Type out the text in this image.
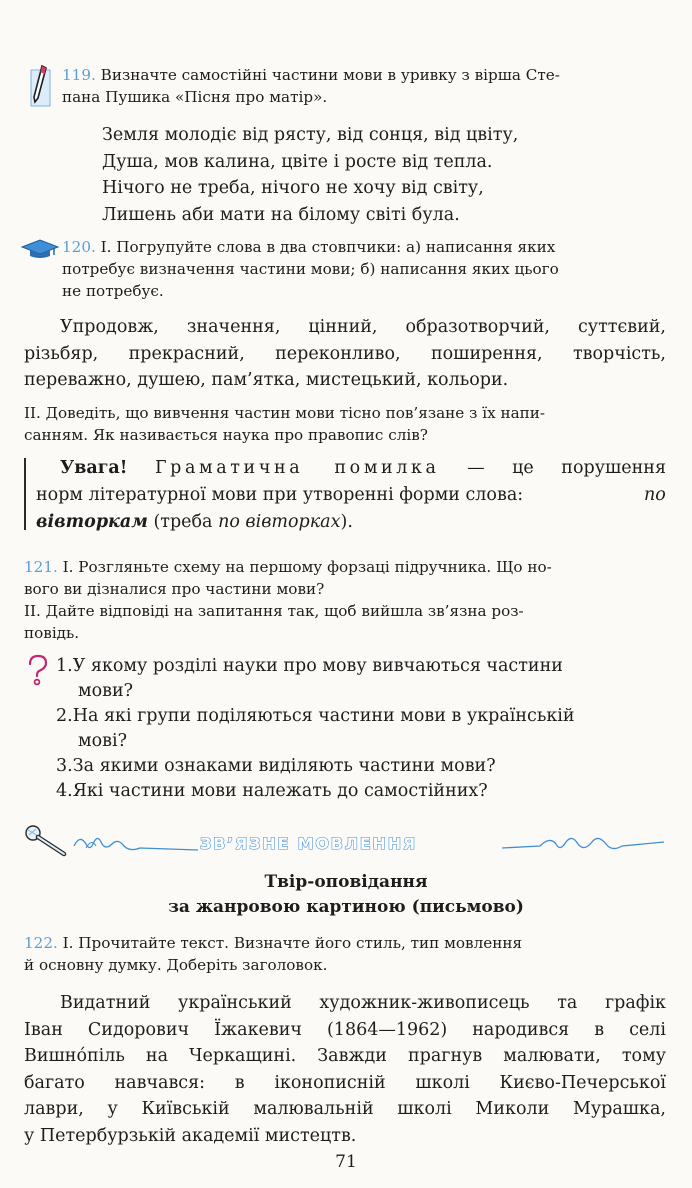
119. Визначте самостійні частини мови в уривку з вірша Сте-
пана Пушика «Пісня про матір».
Земля молодіє від рясту, від сонця, від цвіту,
Душа, мов калина, цвіте і росте від тепла.
Нічого не треба, нічого не хочу від світу,
Лишень аби мати на білому світі була.
120. I. Погрупуйте слова в два стовпчики: а) написання яких
потребує визначення частини мови; б) написання яких цього
не потребує.
Упродовж, значення, цінний, образотворчий, суттєвий,
різьбяр, прекрасний, переконливо, поширення, творчість,
переважно, душею, пам’ятка, мистецький, кольори.
II. Доведіть, що вивчення частин мови тісно пов’язане з їх напи-
санням. Як називається наука про правопис слів?
Увага! Граматична помилка — це порушення
норм літературної мови при утворенні форми слова:	по
вівторкам (треба по вівторках).
121. I. Розгляньте схему на першому форзаці підручника. Що но-
вого ви дізналися про частини мови?
II. Дайте відповіді на запитання так, щоб вийшла зв’язна роз-
повідь.
1.У якому розділі науки про мову вивчаються частини
мови?
2.На які групи поділяються частини мови в українській
мові?
3.За якими ознаками виділяють частини мови?
4.Які частини мови належать до самостійних?
ЗВ’ЯЗНЕ МОВЛЕННЯ
Твір-оповідання
за жанровою картиною (письмово)
122. I. Прочитайте текст. Визначте його стиль, тип мовлення
й основну думку. Доберіть заголовок.
Видатний український художник-живописець та графік
Іван Сидорович Їжакевич (1864—1962) народився в селі
Вишнóпіль на Черкащині. Завжди прагнув малювати, тому
багато навчався: в іконописній школі Києво-Печерської
лаври, у Київській малювальній школі Миколи Мурашка,
у Петербурзькій академії мистецтв.
71
